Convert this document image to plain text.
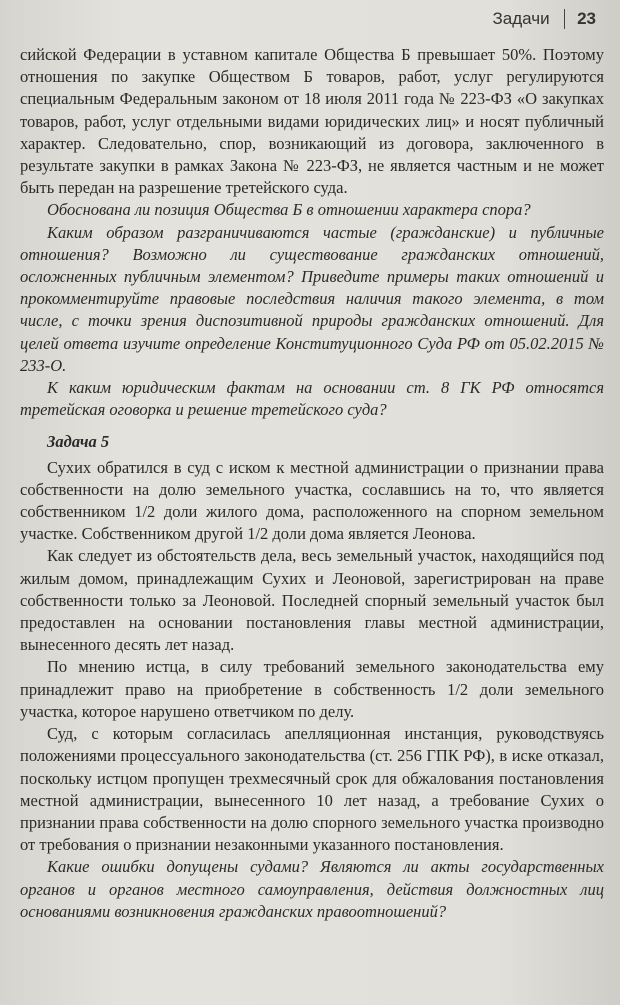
Задачи 23

сийской Федерации в уставном капитале Общества Б превышает 50%. Поэтому отношения по закупке Обществом Б товаров, работ, услуг регулируются специальным Федеральным законом от 18 июля 2011 года № 223-ФЗ «О закупках товаров, работ, услуг отдельными видами юридических лиц» и носят публичный характер. Следовательно, спор, возникающий из договора, заключенного в результате закупки в рамках Закона № 223-ФЗ, не является частным и не может быть передан на разрешение третейского суда.

Обоснована ли позиция Общества Б в отношении характера спора?

Каким образом разграничиваются частые (гражданские) и публичные отношения? Возможно ли существование гражданских отношений, осложненных публичным элементом? Приведите примеры таких отношений и прокомментируйте правовые последствия наличия такого элемента, в том числе, с точки зрения диспозитивной природы гражданских отношений. Для целей ответа изучите определение Конституционного Суда РФ от 05.02.2015 № 233-О.

К каким юридическим фактам на основании ст. 8 ГК РФ относятся третейская оговорка и решение третейского суда?

Задача 5

Сухих обратился в суд с иском к местной администрации о признании права собственности на долю земельного участка, сославшись на то, что является собственником 1/2 доли жилого дома, расположенного на спорном земельном участке. Собственником другой 1/2 доли дома является Леонова.

Как следует из обстоятельств дела, весь земельный участок, находящийся под жилым домом, принадлежащим Сухих и Леоновой, зарегистрирован на праве собственности только за Леоновой. Последней спорный земельный участок был предоставлен на основании постановления главы местной администрации, вынесенного десять лет назад.

По мнению истца, в силу требований земельного законодательства ему принадлежит право на приобретение в собственность 1/2 доли земельного участка, которое нарушено ответчиком по делу.

Суд, с которым согласилась апелляционная инстанция, руководствуясь положениями процессуального законодательства (ст. 256 ГПК РФ), в иске отказал, поскольку истцом пропущен трехмесячный срок для обжалования постановления местной администрации, вынесенного 10 лет назад, а требование Сухих о признании права собственности на долю спорного земельного участка производно от требования о признании незаконными указанного постановления.

Какие ошибки допущены судами? Являются ли акты государственных органов и органов местного самоуправления, действия должностных лиц основаниями возникновения гражданских правоотношений?
